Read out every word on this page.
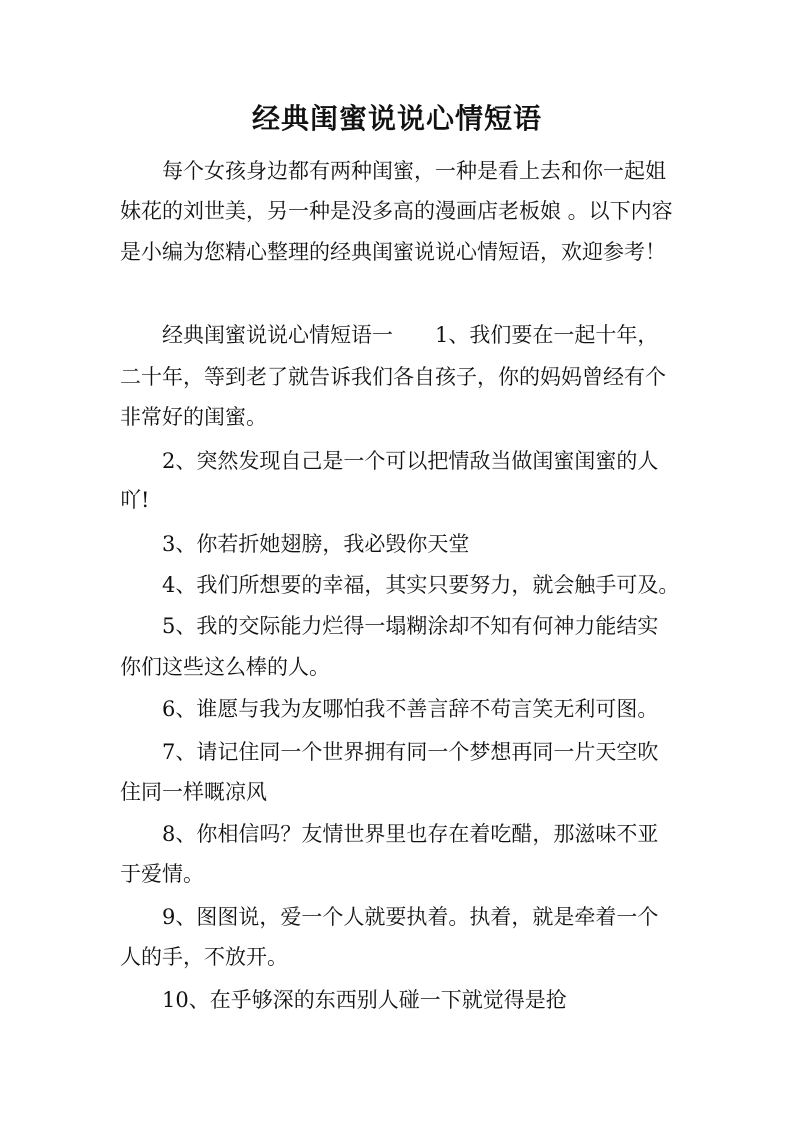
经典闺蜜说说心情短语
每个女孩身边都有两种闺蜜，一种是看上去和你一起姐
妹花的刘世美，另一种是没多高的漫画店老板娘 。以下内容
是小编为您精心整理的经典闺蜜说说心情短语，欢迎参考！
经典闺蜜说说心情短语一　　1、我们要在一起十年，
二十年，等到老了就告诉我们各自孩子，你的妈妈曾经有个
非常好的闺蜜。
2、突然发现自己是一个可以把情敌当做闺蜜闺蜜的人
吖!
3、你若折她翅膀，我必毁你天堂
4、我们所想要的幸福，其实只要努力，就会触手可及。
5、我的交际能力烂得一塌糊涂却不知有何神力能结实
你们这些这么棒的人。
6、谁愿与我为友哪怕我不善言辞不苟言笑无利可图。
7、请记住同一个世界拥有同一个梦想再同一片天空吹
住同一样嘅凉风
8、你相信吗？友情世界里也存在着吃醋，那滋味不亚
于爱情。
9、图图说，爱一个人就要执着。执着，就是牵着一个
人的手，不放开。
10、在乎够深的东西别人碰一下就觉得是抢
